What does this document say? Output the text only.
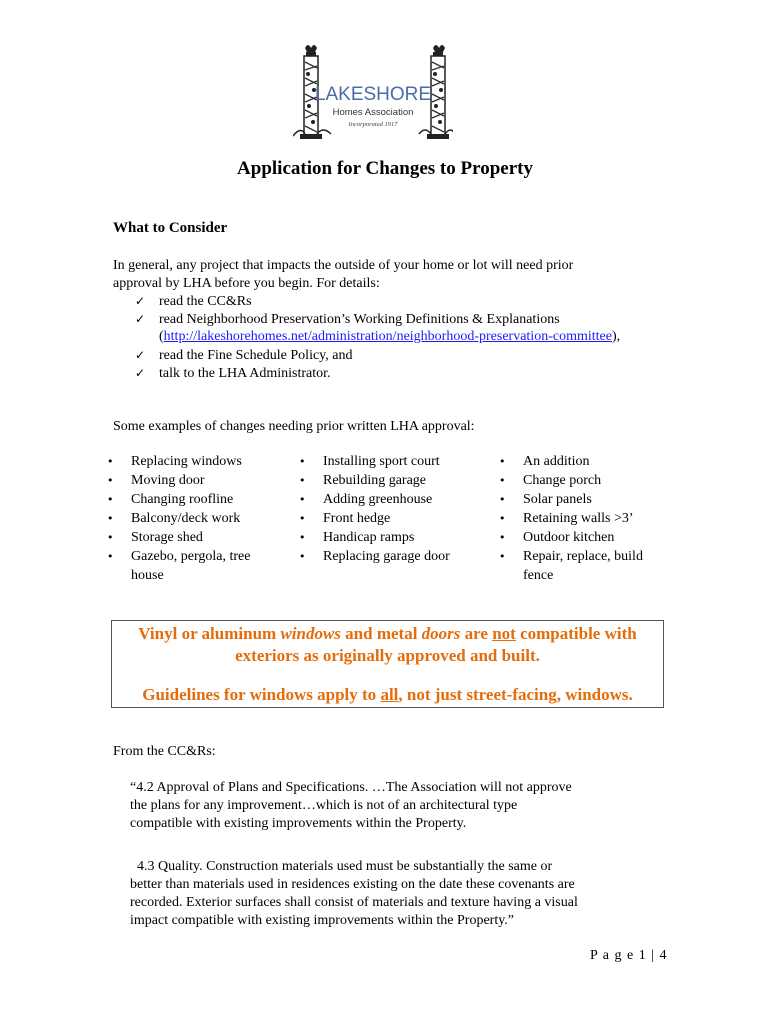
LAKESHORE
Homes Association
Incorporated 1917
Application for Changes to Property
What to Consider
In general, any project that impacts the outside of your home or lot will need prior
approval by LHA before you begin. For details:
✓ read the CC&Rs
✓ read Neighborhood Preservation’s Working Definitions & Explanations
(http://lakeshorehomes.net/administration/neighborhood-preservation-committee),
✓ read the Fine Schedule Policy, and
✓ talk to the LHA Administrator.
Some examples of changes needing prior written LHA approval:
• Replacing windows
• Moving door
• Changing roofline
• Balcony/deck work
• Storage shed
• Gazebo, pergola, tree
house
• Installing sport court
• Rebuilding garage
• Adding greenhouse
• Front hedge
• Handicap ramps
• Replacing garage door
• An addition
• Change porch
• Solar panels
• Retaining walls >3’
• Outdoor kitchen
• Repair, replace, build
fence
Vinyl or aluminum windows and metal doors are not compatible with
exteriors as originally approved and built.
Guidelines for windows apply to all, not just street-facing, windows.
From the CC&Rs:
“4.2 Approval of Plans and Specifications. …The Association will not approve
the plans for any improvement…which is not of an architectural type
compatible with existing improvements within the Property.
4.3 Quality. Construction materials used must be substantially the same or
better than materials used in residences existing on the date these covenants are
recorded. Exterior surfaces shall consist of materials and texture having a visual
impact compatible with existing improvements within the Property.”
P a g e 1 | 4
